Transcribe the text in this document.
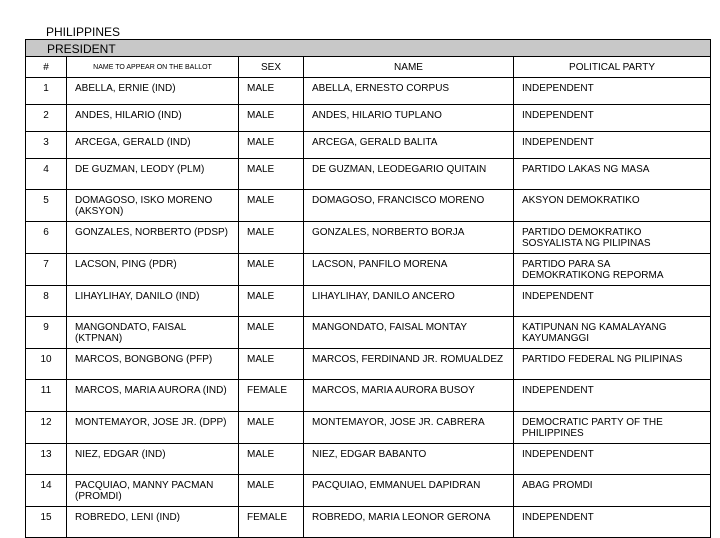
PHILIPPINES
PRESIDENT				
#	NAME TO APPEAR ON THE BALLOT	SEX	NAME	POLITICAL PARTY
1	ABELLA, ERNIE (IND)	MALE	ABELLA, ERNESTO CORPUS	INDEPENDENT

2	ANDES, HILARIO (IND)	MALE	ANDES, HILARIO TUPLANO	INDEPENDENT

3	ARCEGA, GERALD (IND)	MALE	ARCEGA, GERALD BALITA	INDEPENDENT

4	DE GUZMAN, LEODY (PLM)	MALE	DE GUZMAN, LEODEGARIO QUITAIN	PARTIDO LAKAS NG MASA

5	DOMAGOSO, ISKO MORENO
(AKSYON)	MALE	DOMAGOSO, FRANCISCO MORENO	AKSYON DEMOKRATIKO

6	GONZALES, NORBERTO (PDSP)	MALE	GONZALES, NORBERTO BORJA	PARTIDO DEMOKRATIKO
SOSYALISTA NG PILIPINAS

7	LACSON, PING (PDR)	MALE	LACSON, PANFILO MORENA	PARTIDO PARA SA
DEMOKRATIKONG REPORMA

8	LIHAYLIHAY, DANILO (IND)	MALE	LIHAYLIHAY, DANILO ANCERO	INDEPENDENT

9	MANGONDATO, FAISAL
(KTPNAN)	MALE	MANGONDATO, FAISAL MONTAY	KATIPUNAN NG KAMALAYANG
KAYUMANGGI

10	MARCOS, BONGBONG (PFP)	MALE	MARCOS, FERDINAND JR. ROMUALDEZ	PARTIDO FEDERAL NG PILIPINAS

11	MARCOS, MARIA AURORA (IND)	FEMALE	MARCOS, MARIA AURORA BUSOY	INDEPENDENT

12	MONTEMAYOR, JOSE JR. (DPP)	MALE	MONTEMAYOR, JOSE JR. CABRERA	DEMOCRATIC PARTY OF THE
PHILIPPINES

13	NIEZ, EDGAR (IND)	MALE	NIEZ, EDGAR BABANTO	INDEPENDENT

14	PACQUIAO, MANNY PACMAN
(PROMDI)	MALE	PACQUIAO, EMMANUEL DAPIDRAN	ABAG PROMDI

15	ROBREDO, LENI (IND)	FEMALE	ROBREDO, MARIA LEONOR GERONA	INDEPENDENT
